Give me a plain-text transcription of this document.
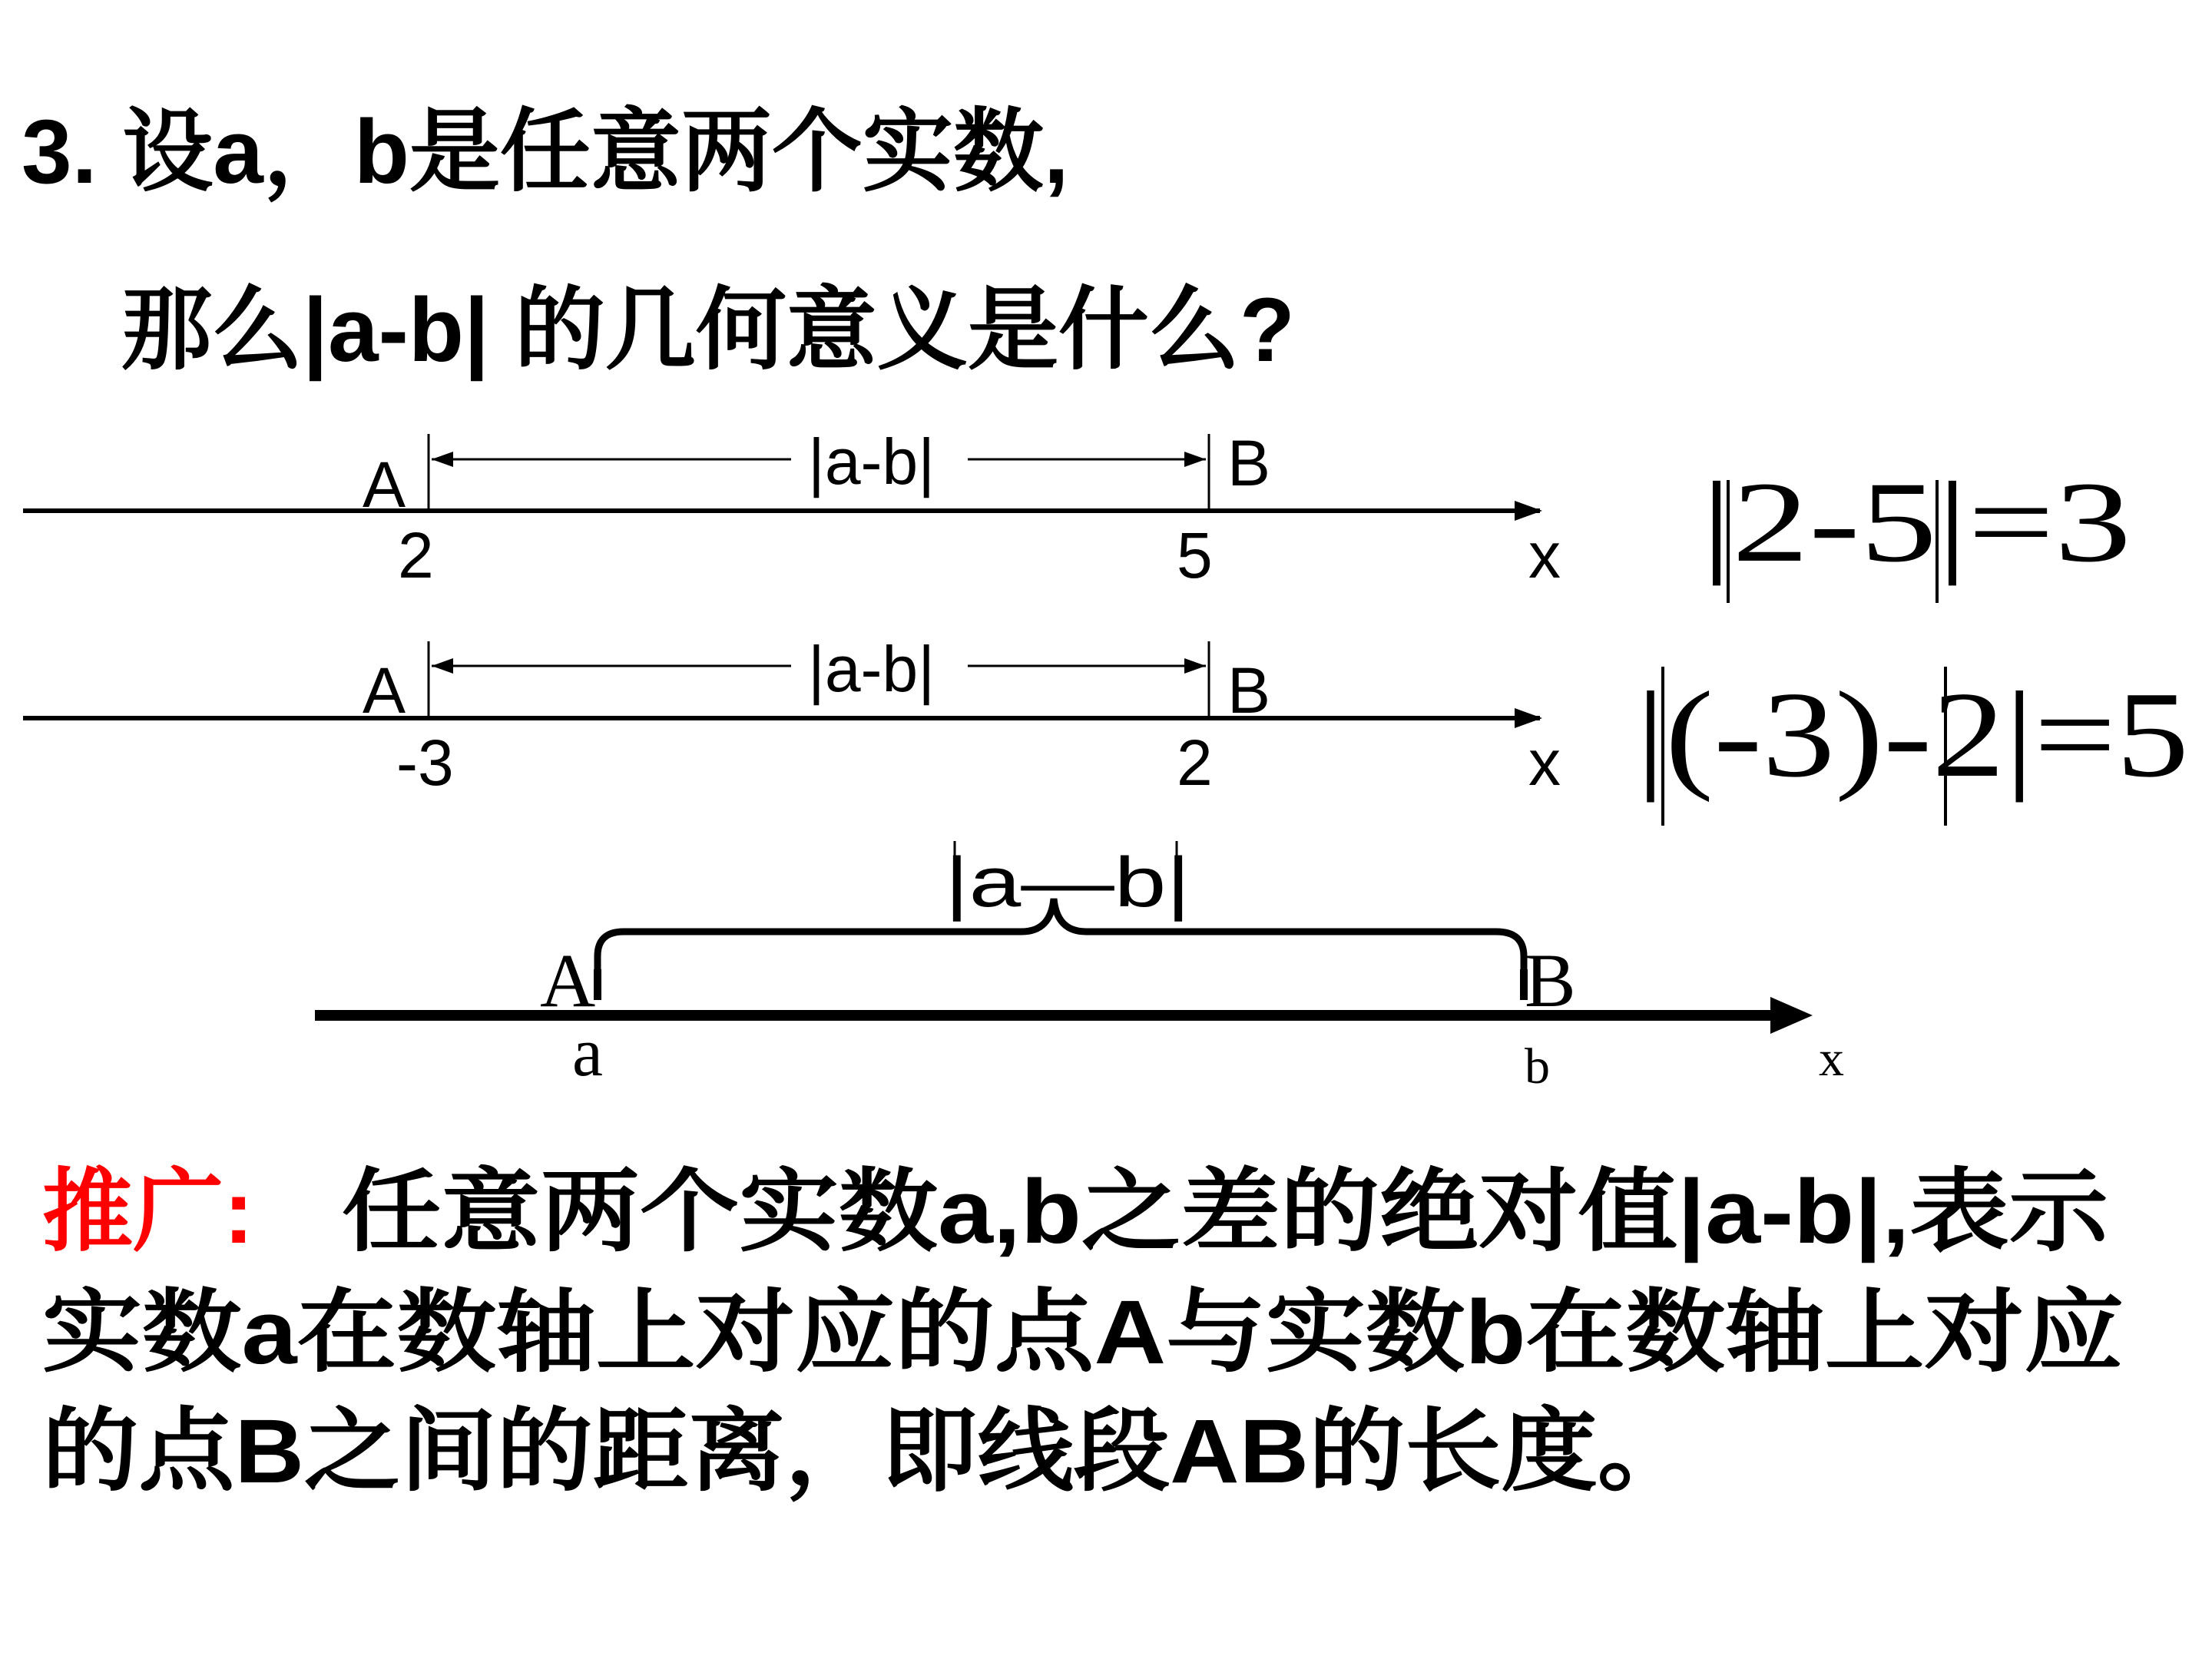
3. 设a，b是任意两个实数,
那么|a-b| 的几何意义是什么?
|a-b|
A	B
2	5	x |2-5|=3
|a-b|
A	B
-3	2	x |(-3)-2|=5
|a—b|
A	B
a	b	x
推广: 任意两个实数a,b之差的绝对值|a-b|,表示
实数a在数轴上对应的点A与实数b在数轴上对应
的点B之间的距离，即线段AB的长度。
